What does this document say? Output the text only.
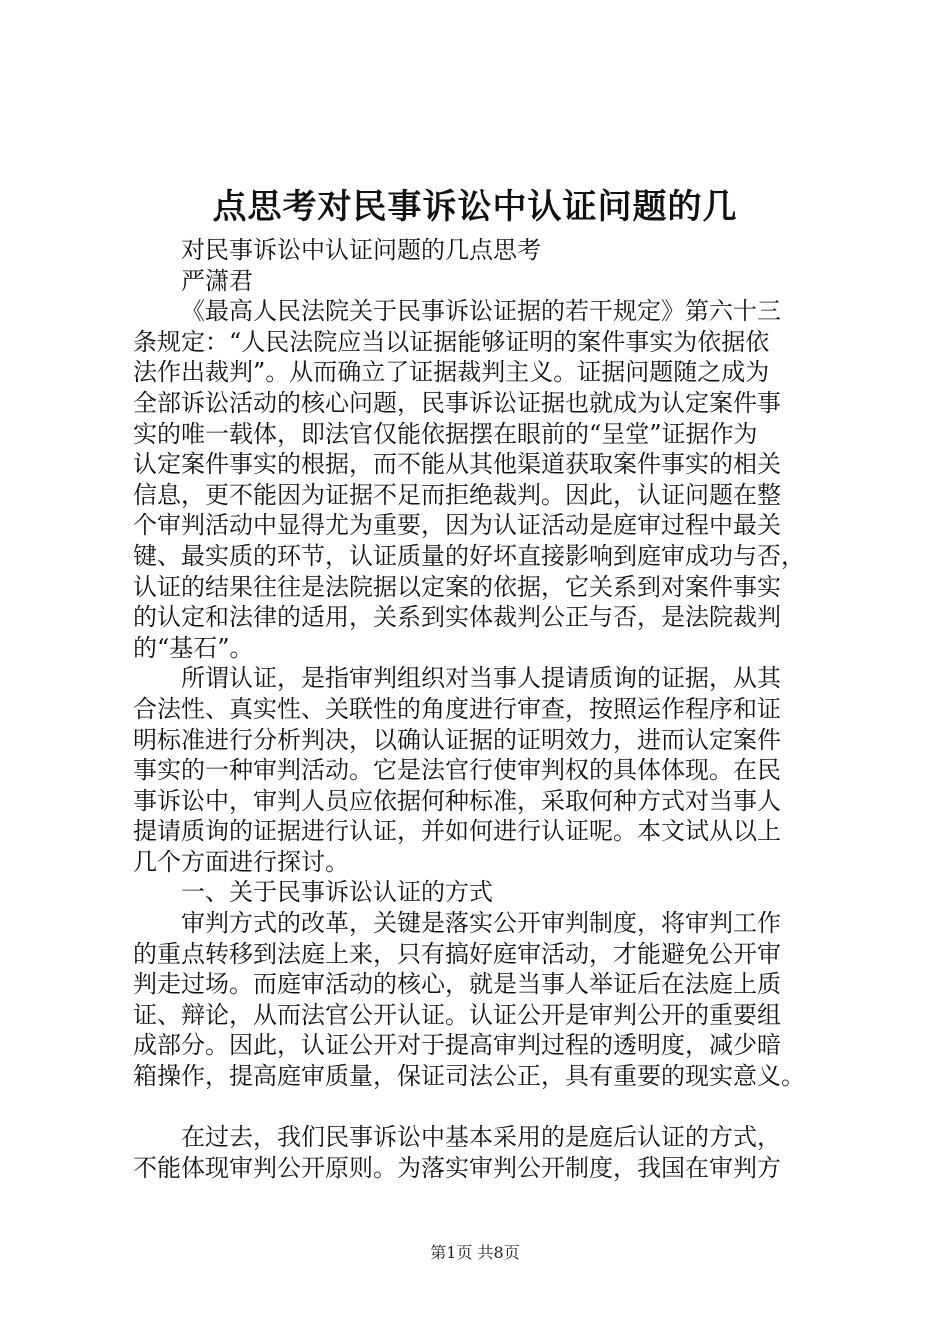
点思考对民事诉讼中认证问题的几
对民事诉讼中认证问题的几点思考
严潇君
《最高人民法院关于民事诉讼证据的若干规定》第六十三
条规定：“人民法院应当以证据能够证明的案件事实为依据依
法作出裁判”。从而确立了证据裁判主义。证据问题随之成为
全部诉讼活动的核心问题，民事诉讼证据也就成为认定案件事
实的唯一载体，即法官仅能依据摆在眼前的“呈堂”证据作为
认定案件事实的根据，而不能从其他渠道获取案件事实的相关
信息，更不能因为证据不足而拒绝裁判。因此，认证问题在整
个审判活动中显得尤为重要，因为认证活动是庭审过程中最关
键、最实质的环节，认证质量的好坏直接影响到庭审成功与否，
认证的结果往往是法院据以定案的依据，它关系到对案件事实
的认定和法律的适用，关系到实体裁判公正与否，是法院裁判
的“基石”。
所谓认证，是指审判组织对当事人提请质询的证据，从其
合法性、真实性、关联性的角度进行审查，按照运作程序和证
明标准进行分析判决，以确认证据的证明效力，进而认定案件
事实的一种审判活动。它是法官行使审判权的具体体现。在民
事诉讼中，审判人员应依据何种标准，采取何种方式对当事人
提请质询的证据进行认证，并如何进行认证呢。本文试从以上
几个方面进行探讨。
一、关于民事诉讼认证的方式
审判方式的改革，关键是落实公开审判制度，将审判工作
的重点转移到法庭上来，只有搞好庭审活动，才能避免公开审
判走过场。而庭审活动的核心，就是当事人举证后在法庭上质
证、辩论，从而法官公开认证。认证公开是审判公开的重要组
成部分。因此，认证公开对于提高审判过程的透明度，减少暗
箱操作，提高庭审质量，保证司法公正，具有重要的现实意义。
在过去，我们民事诉讼中基本采用的是庭后认证的方式，
不能体现审判公开原则。为落实审判公开制度，我国在审判方
第1页 共8页
